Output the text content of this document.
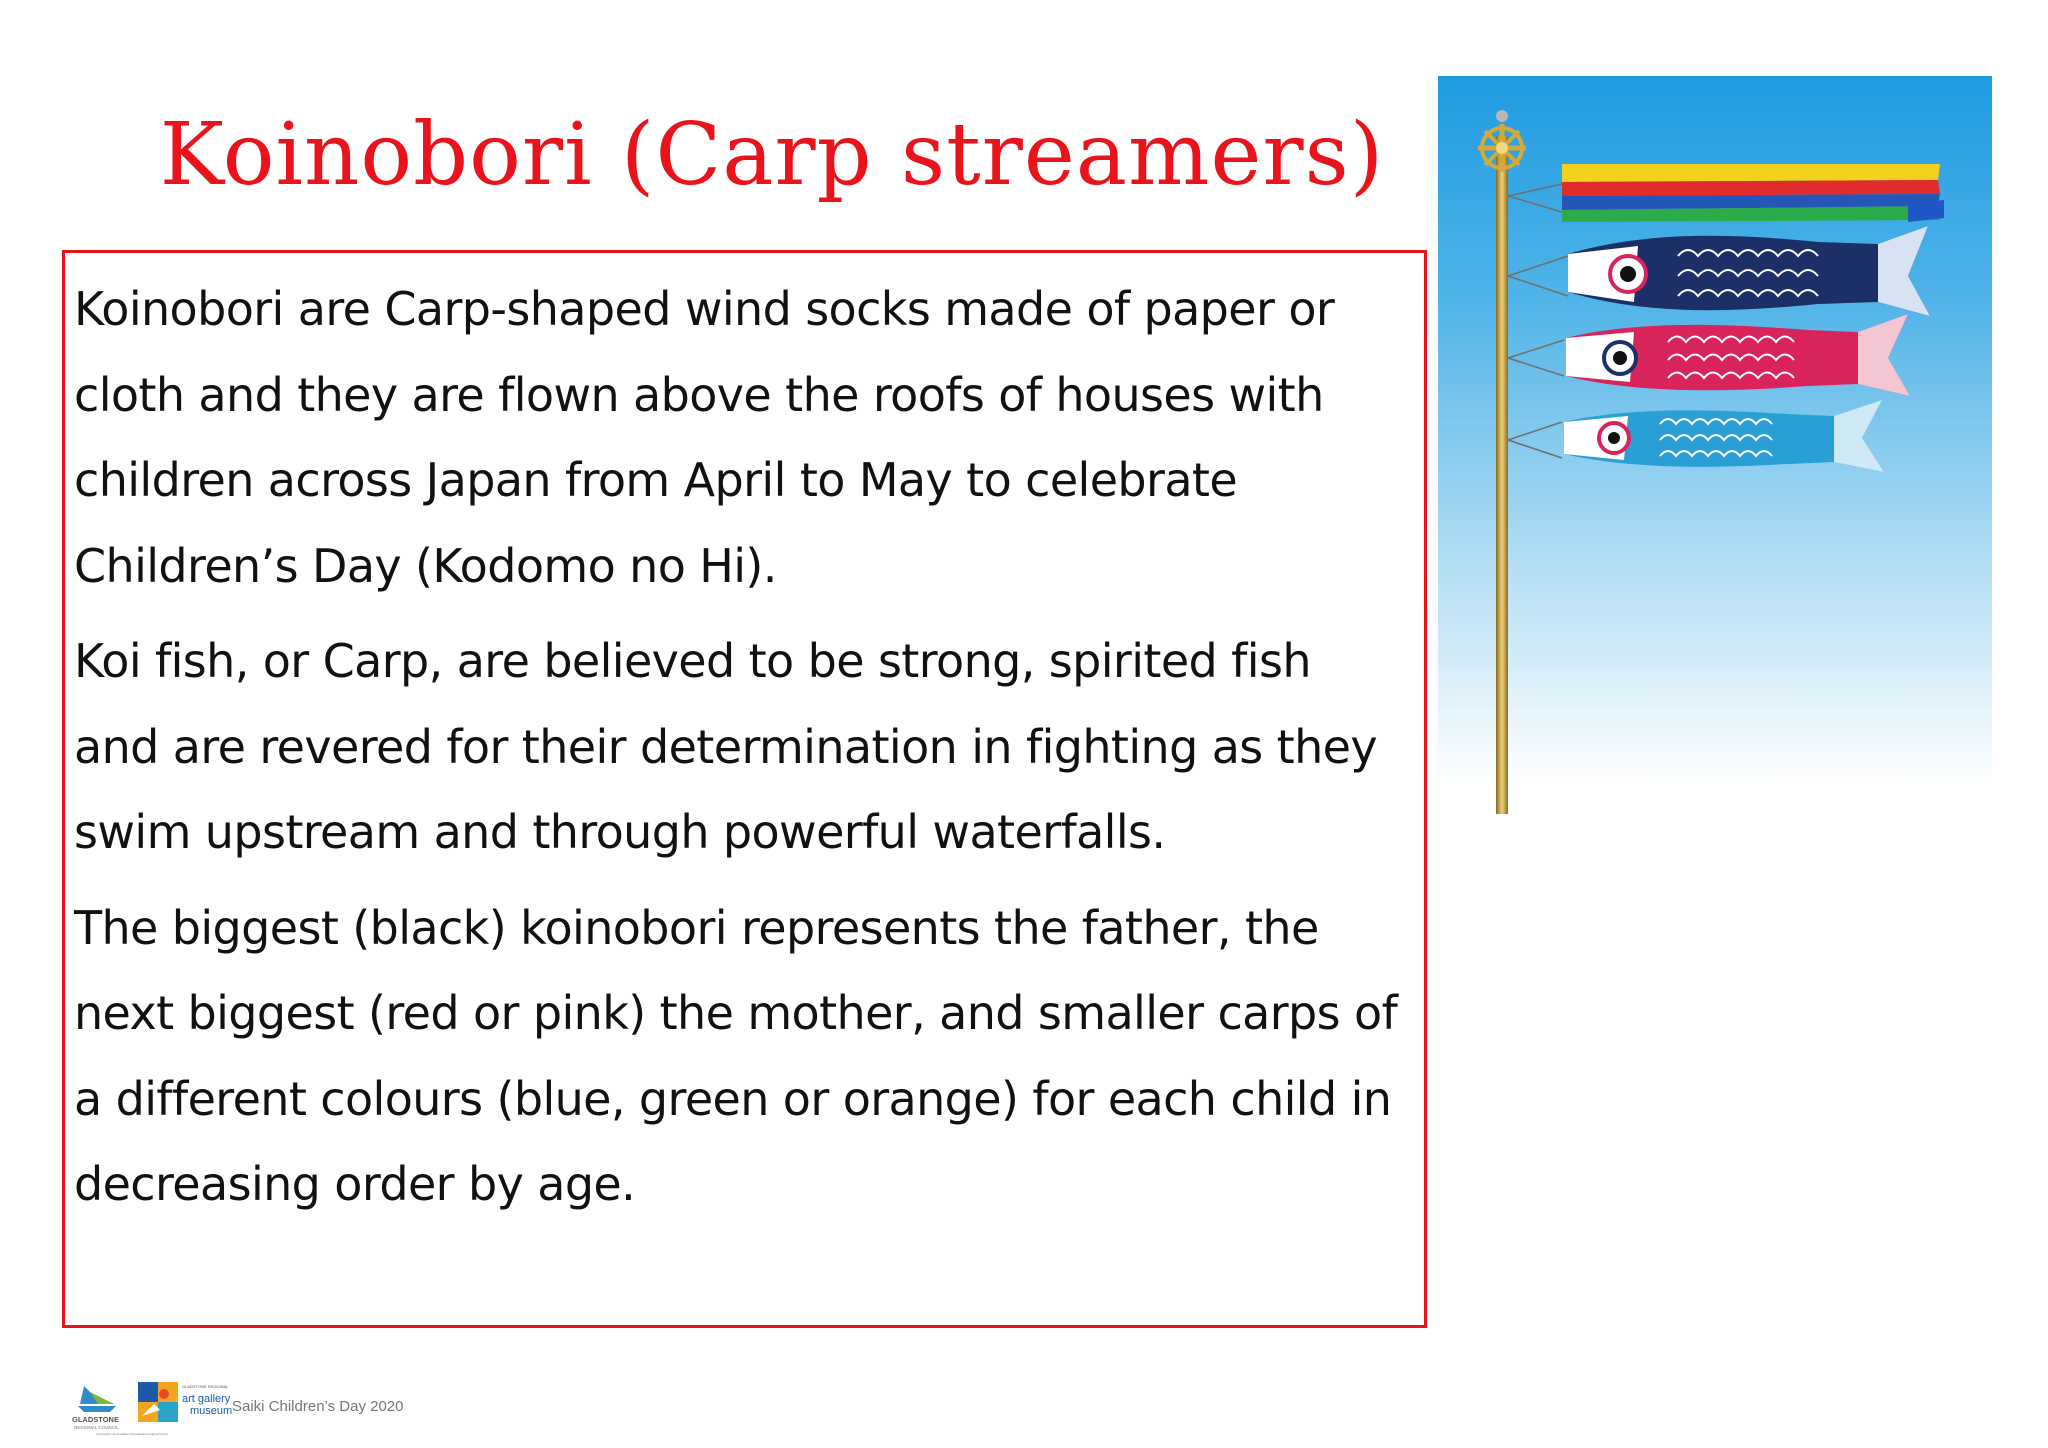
Koinobori (Carp streamers)

Koinobori are Carp-shaped wind socks made of paper or cloth and they are flown above the roofs of houses with children across Japan from April to May to celebrate Children’s Day (Kodomo no Hi).

Koi fish, or Carp, are believed to be strong, spirited fish and are revered for their determination in fighting as they swim upstream and through powerful waterfalls.

The biggest (black) koinobori represents the father, the next biggest (red or pink) the mother, and smaller carps of a different colours (blue, green or orange) for each child in decreasing order by age.

GLADSTONE
REGIONAL COUNCIL
A community cultural initiative of the Gladstone Regional Council
GLADSTONE REGIONAL
art gallery
museum Saiki Children’s Day 2020
